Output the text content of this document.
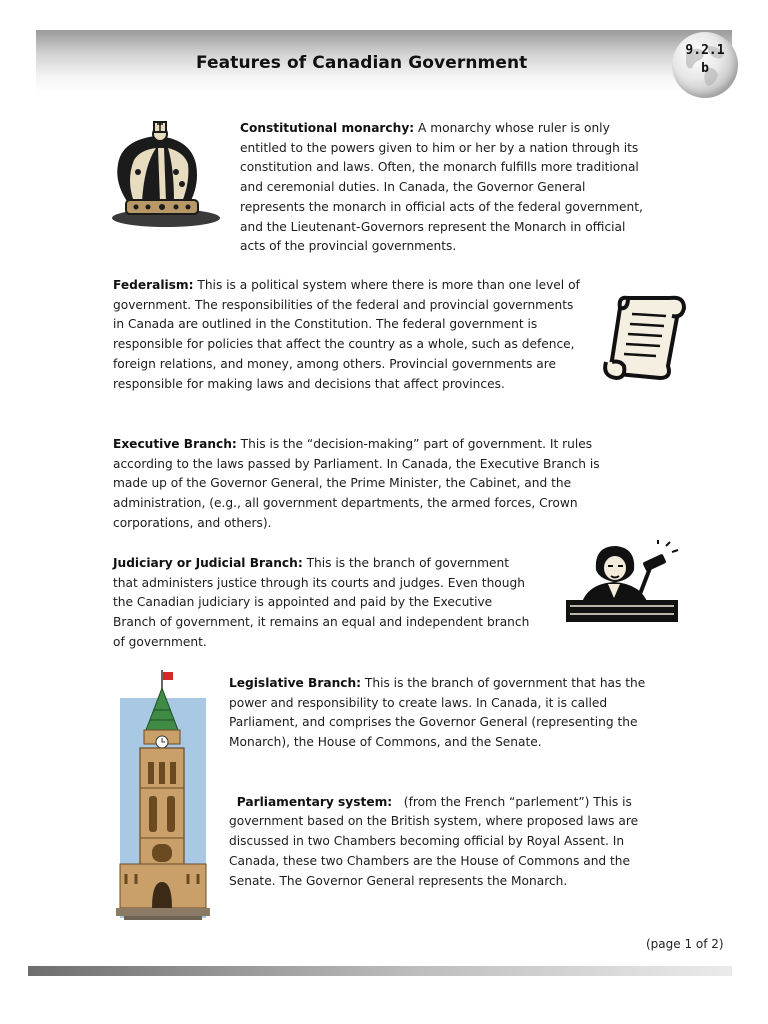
Features of Canadian Government
9.2.1
b
Constitutional monarchy: A monarchy whose ruler is only entitled to the powers given to him or her by a nation through its constitution and laws. Often, the monarch fulfills more traditional and ceremonial duties. In Canada, the Governor General represents the monarch in official acts of the federal government, and the Lieutenant-Governors represent the Monarch in official acts of the provincial governments.
Federalism: This is a political system where there is more than one level of government. The responsibilities of the federal and provincial governments in Canada are outlined in the Constitution. The federal government is responsible for policies that affect the country as a whole, such as defence, foreign relations, and money, among others. Provincial governments are responsible for making laws and decisions that affect provinces.
Executive Branch: This is the “decision-making” part of government. It rules according to the laws passed by Parliament. In Canada, the Executive Branch is made up of the Governor General, the Prime Minister, the Cabinet, and the administration, (e.g., all government departments, the armed forces, Crown corporations, and others).
Judiciary or Judicial Branch: This is the branch of government that administers justice through its courts and judges. Even though the Canadian judiciary is appointed and paid by the Executive Branch of government, it remains an equal and independent branch of government.
Legislative Branch: This is the branch of government that has the power and responsibility to create laws. In Canada, it is called Parliament, and comprises the Governor General (representing the Monarch), the House of Commons, and the Senate.

Parliamentary system:   (from the French “parlement”) This is government based on the British system, where proposed laws are discussed in two Chambers becoming official by Royal Assent. In Canada, these two Chambers are the House of Commons and the Senate. The Governor General represents the Monarch.

(page 1 of 2)
